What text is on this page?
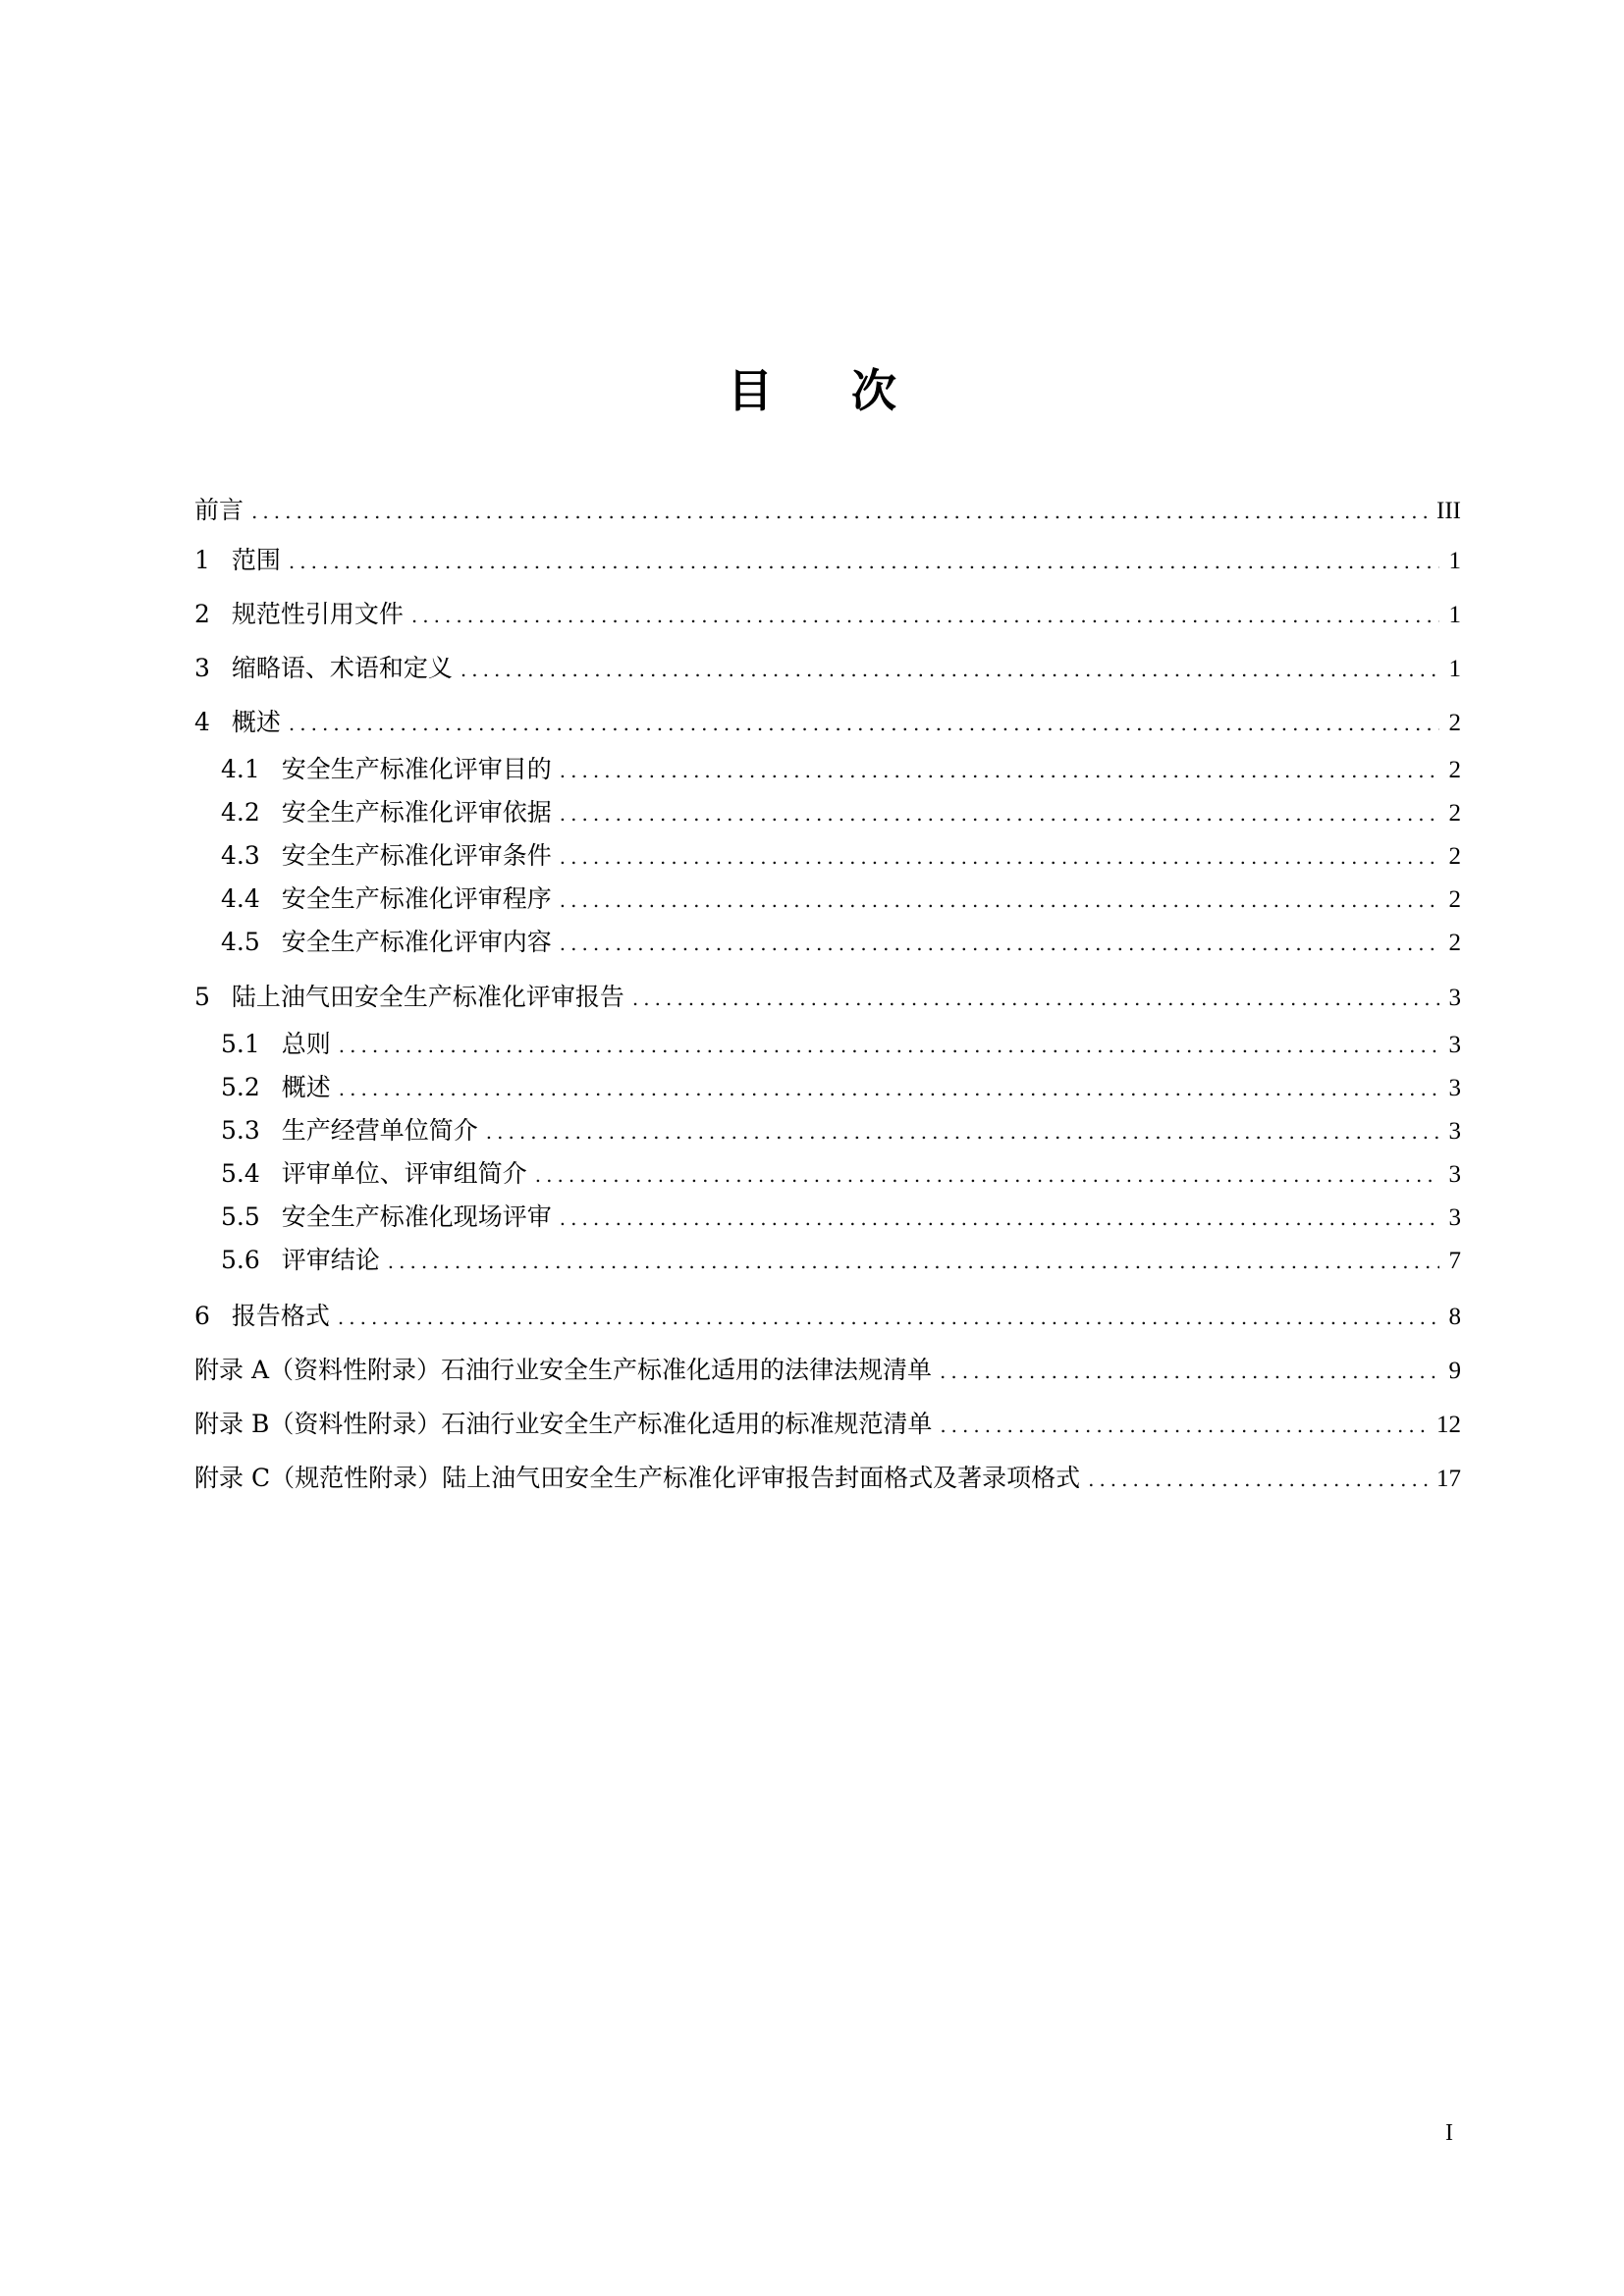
目次
前言 .....	III
1 范围 .....	1
2 规范性引用文件 .....	1
3 缩略语、术语和定义 .....	1
4 概述 .....	2
4.1 安全生产标准化评审目的 .....	2
4.2 安全生产标准化评审依据 .....	2
4.3 安全生产标准化评审条件 .....	2
4.4 安全生产标准化评审程序 .....	2
4.5 安全生产标准化评审内容 .....	2
5 陆上油气田安全生产标准化评审报告 .....	3
5.1 总则 .....	3
5.2 概述 .....	3
5.3 生产经营单位简介 .....	3
5.4 评审单位、评审组简介 .....	3
5.5 安全生产标准化现场评审 .....	3
5.6 评审结论 .....	7
6 报告格式 .....	8
附录 A（资料性附录）石油行业安全生产标准化适用的法律法规清单 .....	9
附录 B（资料性附录）石油行业安全生产标准化适用的标准规范清单 .....	12
附录 C（规范性附录）陆上油气田安全生产标准化评审报告封面格式及著录项格式 .....	17
I
